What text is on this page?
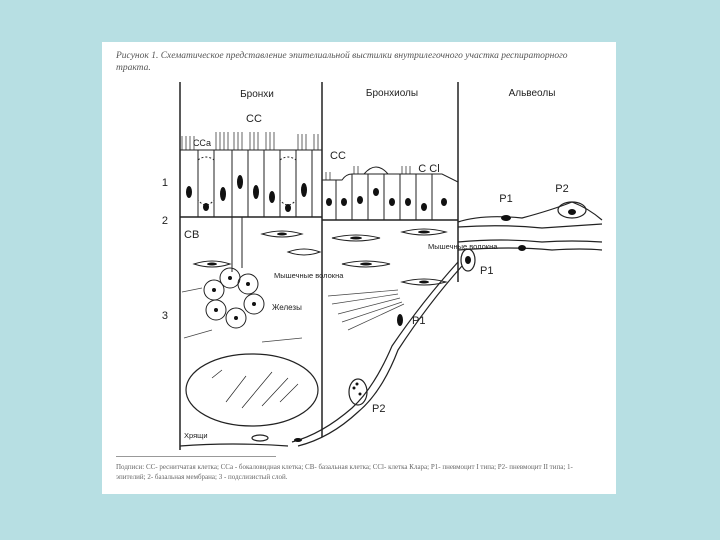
Рисунок 1. Схематическое представление эпителиальной выстилки внутрилегочного участка респираторного тракта.
Бронхи	Бронхиолы	Альвеолы
1
2
3
СС
ССа
СВ
СС
С Cl
P1
P2
Мышечные волокна
Мышечные волокна
Железы
P1
P1
P2
Хрящи
Подписи: СС- реснитчатая клетка; ССа - бокаловидная клетка; СВ- базальная клетка; CCl- клетка Клара; Р1- пневмоцит I типа; Р2- пневмоцит II типа; 1- эпителий; 2- базальная мембрана; 3 - подслизистый слой.
